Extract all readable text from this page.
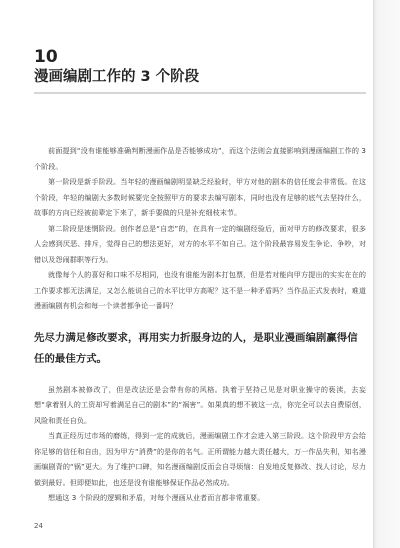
10
漫画编剧工作的 3 个阶段

前面提到“没有谁能够准确判断漫画作品是否能够成功”，而这个法则会直接影响到漫画编剧工作的 3 个阶段。

第一阶段是新手阶段。当年轻的漫画编剧明显缺乏经验时，甲方对他的剧本的信任度会非常低。在这个阶段，年轻的编剧大多数时候要完全按照甲方的要求去编写剧本，同时也没有足够的底气去坚持什么，故事的方向已经被前辈定下来了，新手要做的只是补充细枝末节。

第二阶段是迷惘阶段。创作者总是“自恋”的，在具有一定的编剧经验后，面对甲方的修改要求，很多人会感到厌恶、排斥，觉得自己的想法更好，对方的水平不如自己。这个阶段最容易发生争论、争吵，对错以及怨闹群职等行为。

就像每个人的喜好和口味不尽相同，也没有谁能为剧本打包票，但是若对能向甲方提出的实实在在的工作要求都无法满足，又怎么能说自己的水平比甲方高呢？这不是一种矛盾吗？当作品正式发表时，难道漫画编剧有机会和每一个读者都争论一番吗？

先尽力满足修改要求，再用实力折服身边的人，是职业漫画编剧赢得信任的最佳方式。

虽然剧本被修改了，但是改法还是会带有你的风格。执着于坚持己见是对职业操守的亵渎，去妄想“拿着别人的工资却写着满足自己的剧本”的“祸害”。如果真的想不被这一点，你完全可以去自费原创，风险和责任自负。

当真正经历过市场的磨练，得到一定的成就后，漫画编剧工作才会进入第三阶段。这个阶段甲方会给你足够的信任和自由，因为甲方“消费”的是你的名气。正所谓能力越大责任越大，万一作品失利，知名漫画编剧背的“锅”更大。为了维护口碑，知名漫画编剧反而会自寻烦恼：自发地反复修改、找人讨论，尽力做到最好。但即便如此，也还是没有谁能够保证作品必然成功。

想通这 3 个阶段的逻辑和矛盾，对每个漫画从业者而言都非常重要。

24
